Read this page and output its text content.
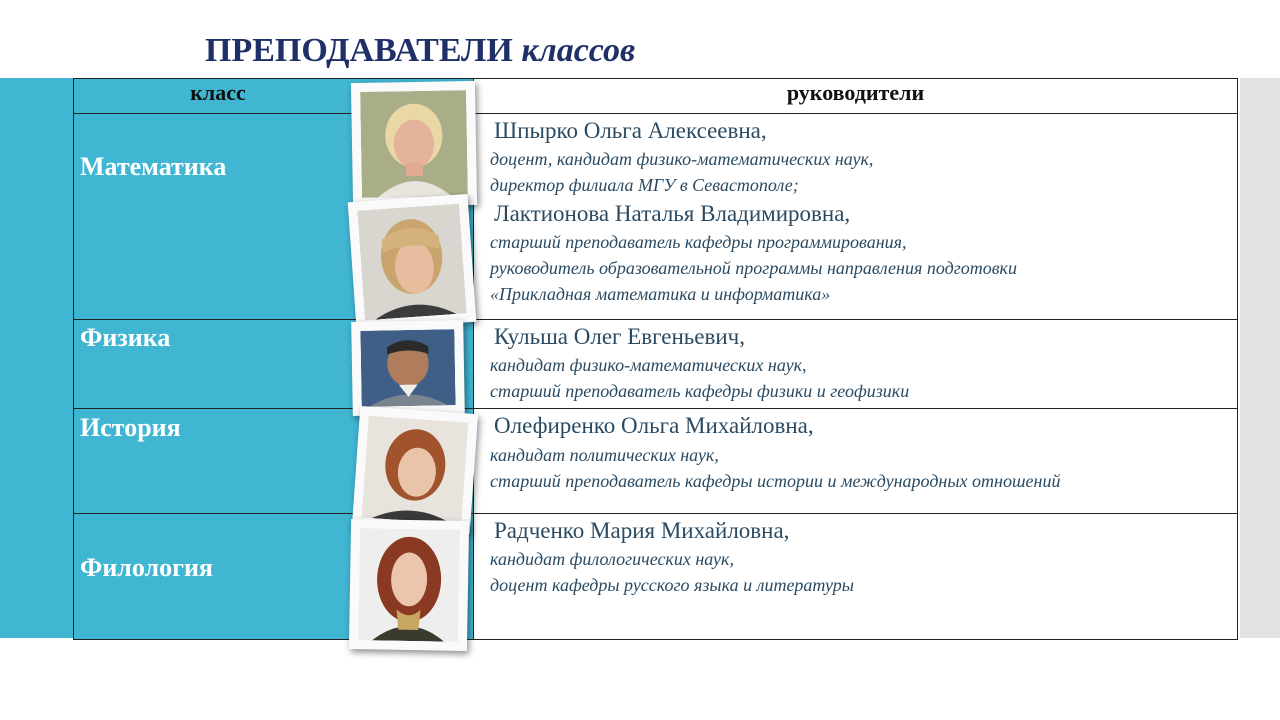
ПРЕПОДАВАТЕЛИ классов
класс	руководители
Математика
Физика
История
Филология
Шпырко Ольга Алексеевна,
доцент, кандидат физико-математических наук,
директор филиала МГУ в Севастополе;
Лактионова Наталья Владимировна,
старший преподаватель кафедры программирования,
руководитель образовательной программы направления подготовки
«Прикладная математика и информатика»
Кульша Олег Евгеньевич,
кандидат физико-математических наук,
старший преподаватель кафедры физики и геофизики
Олефиренко Ольга Михайловна,
кандидат политических наук,
старший преподаватель кафедры истории и международных отношений
Радченко Мария Михайловна,
кандидат филологических наук,
доцент кафедры русского языка и литературы
